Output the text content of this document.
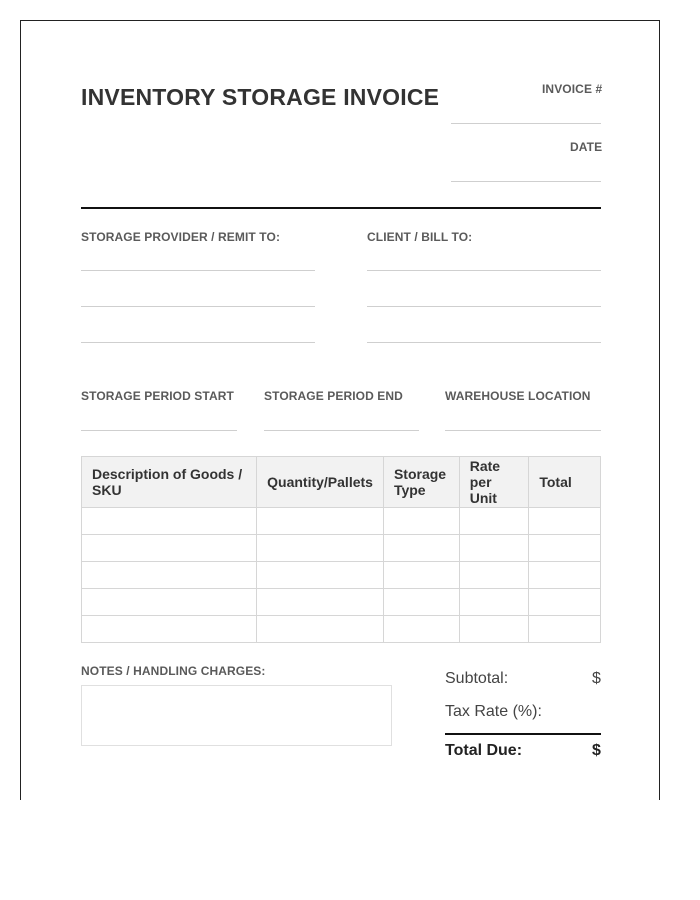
INVENTORY STORAGE INVOICE	INVOICE #
DATE
STORAGE PROVIDER / REMIT TO:	CLIENT / BILL TO:
STORAGE PERIOD START	STORAGE PERIOD END	WAREHOUSE LOCATION
Description of Goods / SKU	Quantity/Pallets	Storage Type	Rate per Unit	Total

NOTES / HANDLING CHARGES:	Subtotal:	$
Tax Rate (%):
Total Due:	$
